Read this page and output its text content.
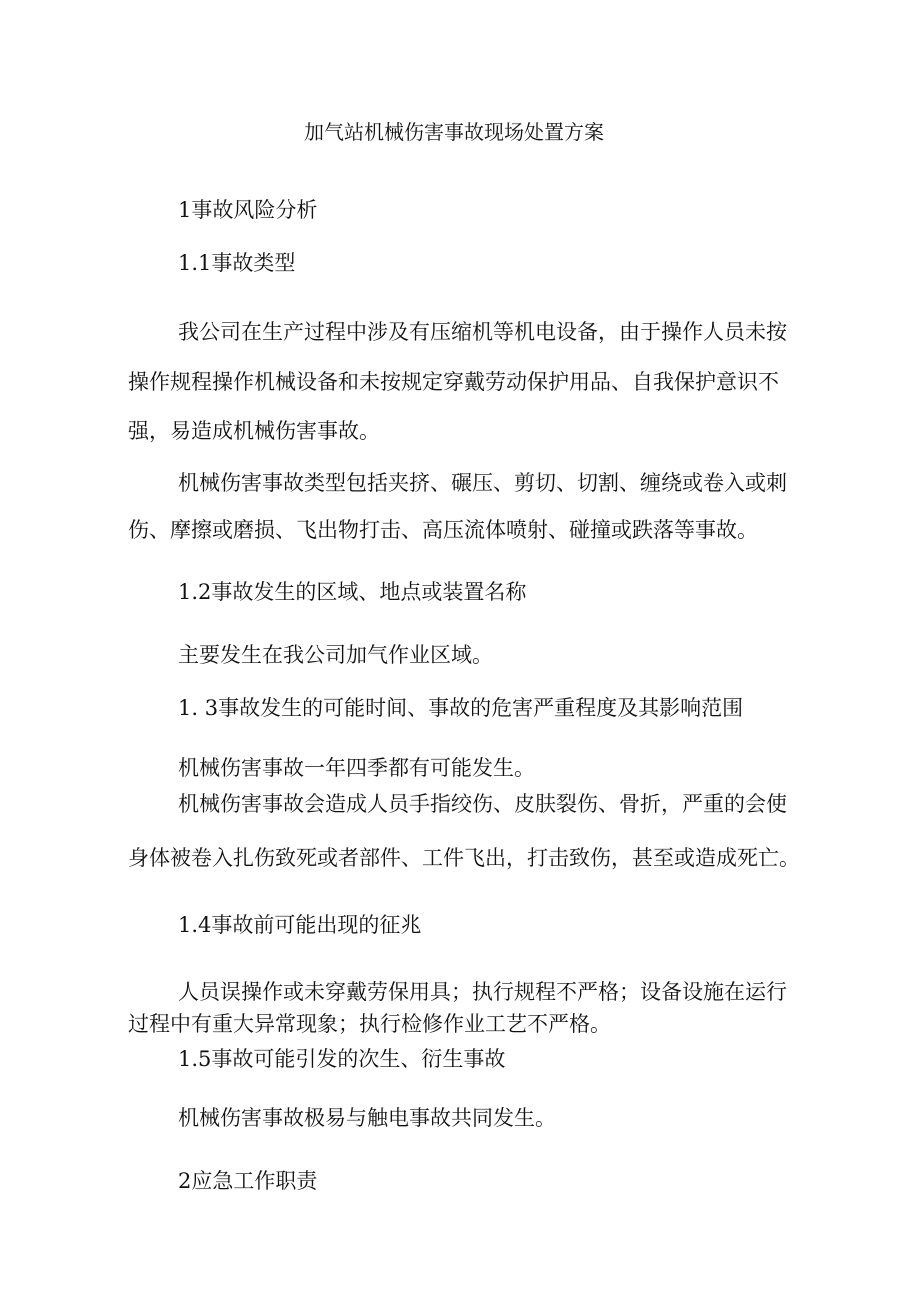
加气站机械伤害事故现场处置方案
1事故风险分析
1.1事故类型
我公司在生产过程中涉及有压缩机等机电设备，由于操作人员未按
操作规程操作机械设备和未按规定穿戴劳动保护用品、自我保护意识不
强，易造成机械伤害事故。
机械伤害事故类型包括夹挤、碾压、剪切、切割、缠绕或卷入或刺
伤、摩擦或磨损、飞出物打击、高压流体喷射、碰撞或跌落等事故。
1.2事故发生的区域、地点或装置名称
主要发生在我公司加气作业区域。
1. 3事故发生的可能时间、事故的危害严重程度及其影响范围
机械伤害事故一年四季都有可能发生。
机械伤害事故会造成人员手指绞伤、皮肤裂伤、骨折，严重的会使
身体被卷入扎伤致死或者部件、工件飞出，打击致伤，甚至或造成死亡。
1.4事故前可能出现的征兆
人员误操作或未穿戴劳保用具；执行规程不严格；设备设施在运行
过程中有重大异常现象；执行检修作业工艺不严格。
1.5事故可能引发的次生、衍生事故
机械伤害事故极易与触电事故共同发生。
2应急工作职责
